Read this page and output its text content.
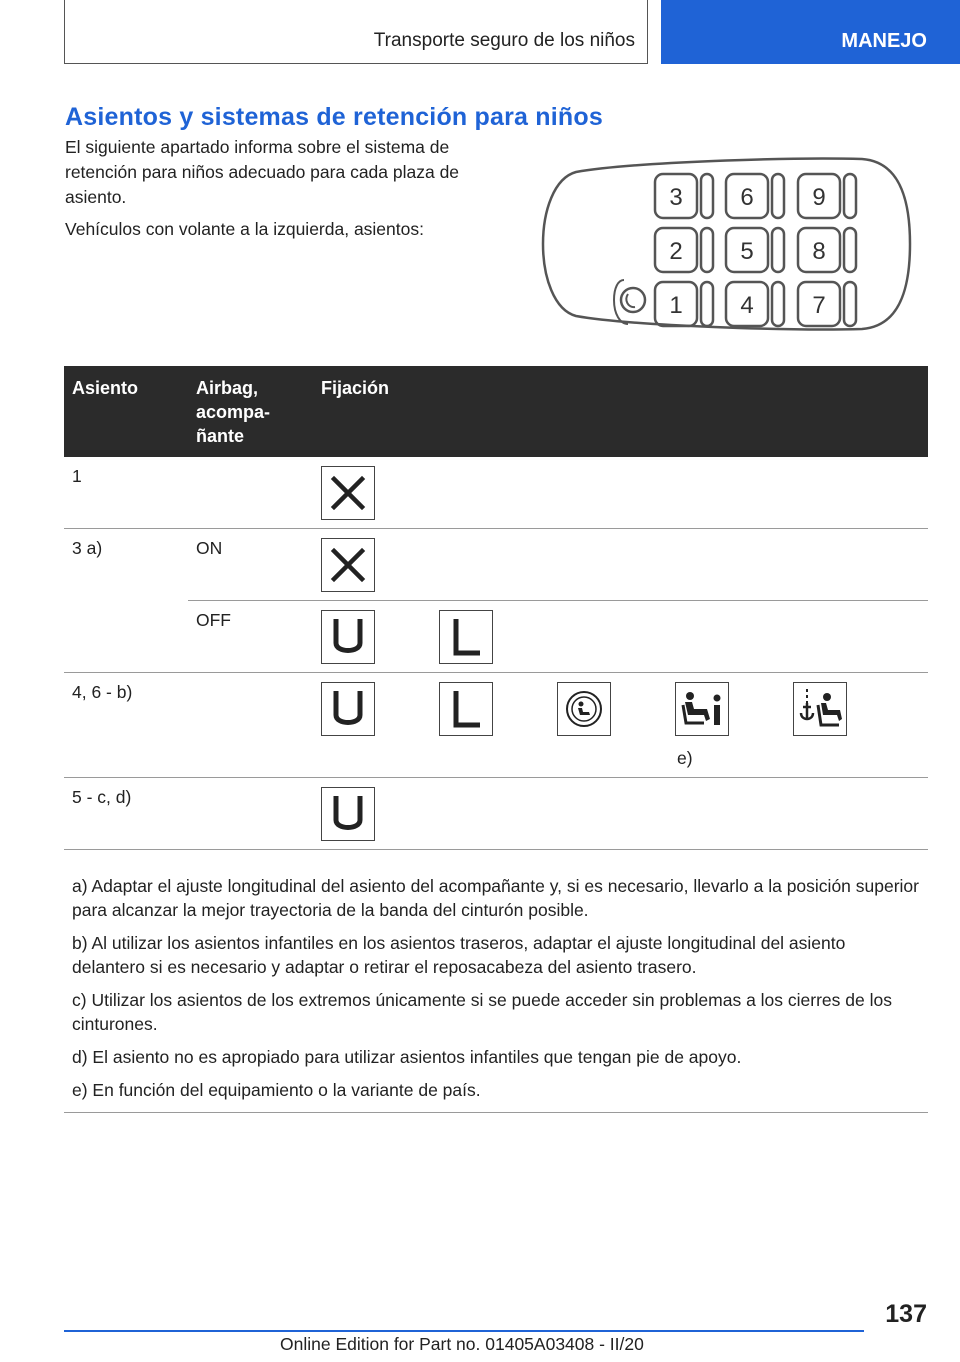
Transporte seguro de los niños	MANEJO
Asientos y sistemas de retención para niños

El siguiente apartado informa sobre el sistema de retención para niños adecuado para cada plaza de asiento.

Vehículos con volante a la izquierda, asientos:

3 6 9
2 5 8
1 4 7
Asiento	Airbag,
acompa-
ñante	Fijación
1		

3 a)	ON	

	OFF	

4, 6 - b)		e)

5 - c, d)		

a) Adaptar el ajuste longitudinal del asiento del acompañante y, si es necesario, llevarlo a la posición superior para alcanzar la mejor trayectoria de la banda del cinturón posible.

b) Al utilizar los asientos infantiles en los asientos traseros, adaptar el ajuste longitudinal del asiento delantero si es necesario y adaptar o retirar el reposacabeza del asiento trasero.

c) Utilizar los asientos de los extremos únicamente si se puede acceder sin problemas a los cierres de los cinturones.

d) El asiento no es apropiado para utilizar asientos infantiles que tengan pie de apoyo.

e) En función del equipamiento o la variante de país.

137
Online Edition for Part no. 01405A03408 - II/20
